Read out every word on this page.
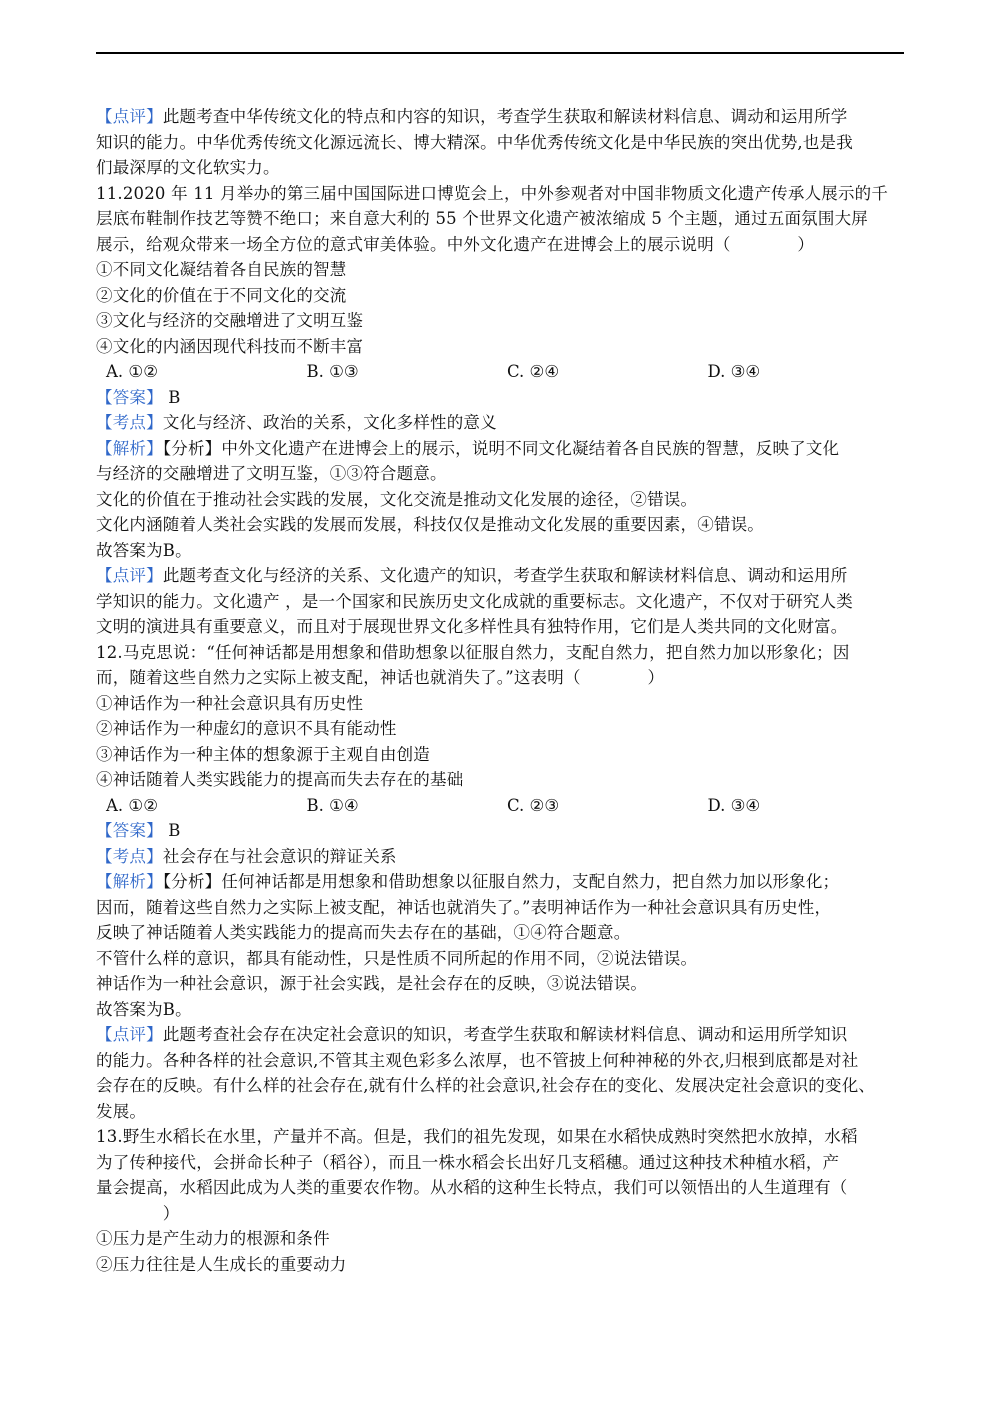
【点评】此题考查中华传统文化的特点和内容的知识，考查学生获取和解读材料信息、调动和运用所学

知识的能力。中华优秀传统文化源远流长、博大精深。中华优秀传统文化是中华民族的突出优势,也是我

们最深厚的文化软实力。

11.2020 年 11 月举办的第三届中国国际进口博览会上，中外参观者对中国非物质文化遗产传承人展示的千

层底布鞋制作技艺等赞不绝口；来自意大利的 55 个世界文化遗产被浓缩成 5 个主题，通过五面氛围大屏

展示，给观众带来一场全方位的意式审美体验。中外文化遗产在进博会上的展示说明（　　　　）

①不同文化凝结着各自民族的智慧

②文化的价值在于不同文化的交流

③文化与经济的交融增进了文明互鉴

④文化的内涵因现代科技而不断丰富

A. ①②	B. ①③	C. ②④	D. ③④

【答案】 B

【考点】文化与经济、政治的关系，文化多样性的意义

【解析】【分析】中外文化遗产在进博会上的展示，说明不同文化凝结着各自民族的智慧，反映了文化

与经济的交融增进了文明互鉴，①③符合题意。

文化的价值在于推动社会实践的发展，文化交流是推动文化发展的途径，②错误。

文化内涵随着人类社会实践的发展而发展，科技仅仅是推动文化发展的重要因素，④错误。

故答案为B。

【点评】此题考查文化与经济的关系、文化遗产的知识，考查学生获取和解读材料信息、调动和运用所

学知识的能力。文化遗产 ，是一个国家和民族历史文化成就的重要标志。文化遗产，不仅对于研究人类

文明的演进具有重要意义，而且对于展现世界文化多样性具有独特作用，它们是人类共同的文化财富。

12.马克思说：“任何神话都是用想象和借助想象以征服自然力，支配自然力，把自然力加以形象化；因

而，随着这些自然力之实际上被支配，神话也就消失了。”这表明（　　　　）

①神话作为一种社会意识具有历史性

②神话作为一种虚幻的意识不具有能动性

③神话作为一种主体的想象源于主观自由创造

④神话随着人类实践能力的提高而失去存在的基础

A. ①②	B. ①④	C. ②③	D. ③④

【答案】 B

【考点】社会存在与社会意识的辩证关系

【解析】【分析】任何神话都是用想象和借助想象以征服自然力，支配自然力，把自然力加以形象化；

因而，随着这些自然力之实际上被支配，神话也就消失了。”表明神话作为一种社会意识具有历史性，

反映了神话随着人类实践能力的提高而失去存在的基础，①④符合题意。

不管什么样的意识，都具有能动性，只是性质不同所起的作用不同，②说法错误。

神话作为一种社会意识，源于社会实践，是社会存在的反映，③说法错误。

故答案为B。

【点评】此题考查社会存在决定社会意识的知识，考查学生获取和解读材料信息、调动和运用所学知识

的能力。各种各样的社会意识,不管其主观色彩多么浓厚，也不管披上何种神秘的外衣,归根到底都是对社

会存在的反映。有什么样的社会存在,就有什么样的社会意识,社会存在的变化、发展决定社会意识的变化、

发展。

13.野生水稻长在水里，产量并不高。但是，我们的祖先发现，如果在水稻快成熟时突然把水放掉，水稻

为了传种接代，会拼命长种子（稻谷），而且一株水稻会长出好几支稻穗。通过这种技术种植水稻，产

量会提高，水稻因此成为人类的重要农作物。从水稻的这种生长特点，我们可以领悟出的人生道理有（

　　　　）

①压力是产生动力的根源和条件

②压力往往是人生成长的重要动力
